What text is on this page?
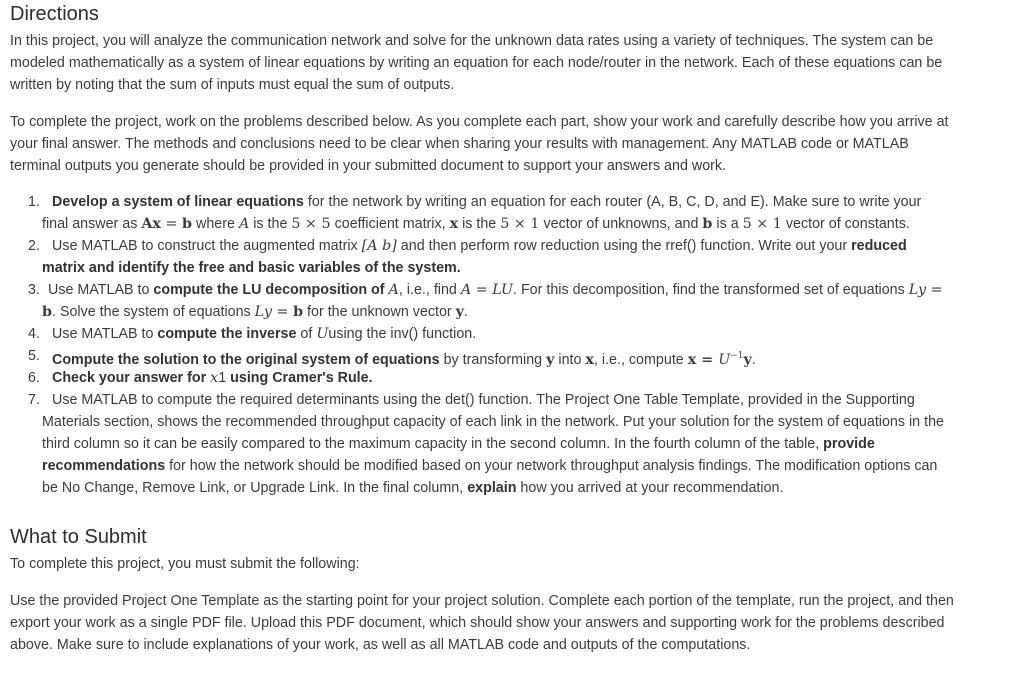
Directions

In this project, you will analyze the communication network and solve for the unknown data rates using a variety of techniques. The system can be modeled mathematically as a system of linear equations by writing an equation for each node/router in the network. Each of these equations can be written by noting that the sum of inputs must equal the sum of outputs.

To complete the project, work on the problems described below. As you complete each part, show your work and carefully describe how you arrive at your final answer. The methods and conclusions need to be clear when sharing your results with management. Any MATLAB code or MATLAB terminal outputs you generate should be provided in your submitted document to support your answers and work.

1. Develop a system of linear equations for the network by writing an equation for each router (A, B, C, D, and E). Make sure to write your final answer as Ax = b where A is the 5 × 5 coefficient matrix, x is the 5 × 1 vector of unknowns, and b is a 5 × 1 vector of constants.
2. Use MATLAB to construct the augmented matrix [A b] and then perform row reduction using the rref() function. Write out your reduced matrix and identify the free and basic variables of the system.
3. Use MATLAB to compute the LU decomposition of A, i.e., find A = LU. For this decomposition, find the transformed set of equations Ly = b. Solve the system of equations Ly = b for the unknown vector y.
4. Use MATLAB to compute the inverse of Uusing the inv() function.
5. Compute the solution to the original system of equations by transforming y into x, i.e., compute $x = U^{-1}y$.
6. Check your answer for x1 using Cramer's Rule.
7. Use MATLAB to compute the required determinants using the det() function. The Project One Table Template, provided in the Supporting Materials section, shows the recommended throughput capacity of each link in the network. Put your solution for the system of equations in the third column so it can be easily compared to the maximum capacity in the second column. In the fourth column of the table, provide recommendations for how the network should be modified based on your network throughput analysis findings. The modification options can be No Change, Remove Link, or Upgrade Link. In the final column, explain how you arrived at your recommendation.
What to Submit

To complete this project, you must submit the following:

Use the provided Project One Template as the starting point for your project solution. Complete each portion of the template, run the project, and then export your work as a single PDF file. Upload this PDF document, which should show your answers and supporting work for the problems described above. Make sure to include explanations of your work, as well as all MATLAB code and outputs of the computations.
